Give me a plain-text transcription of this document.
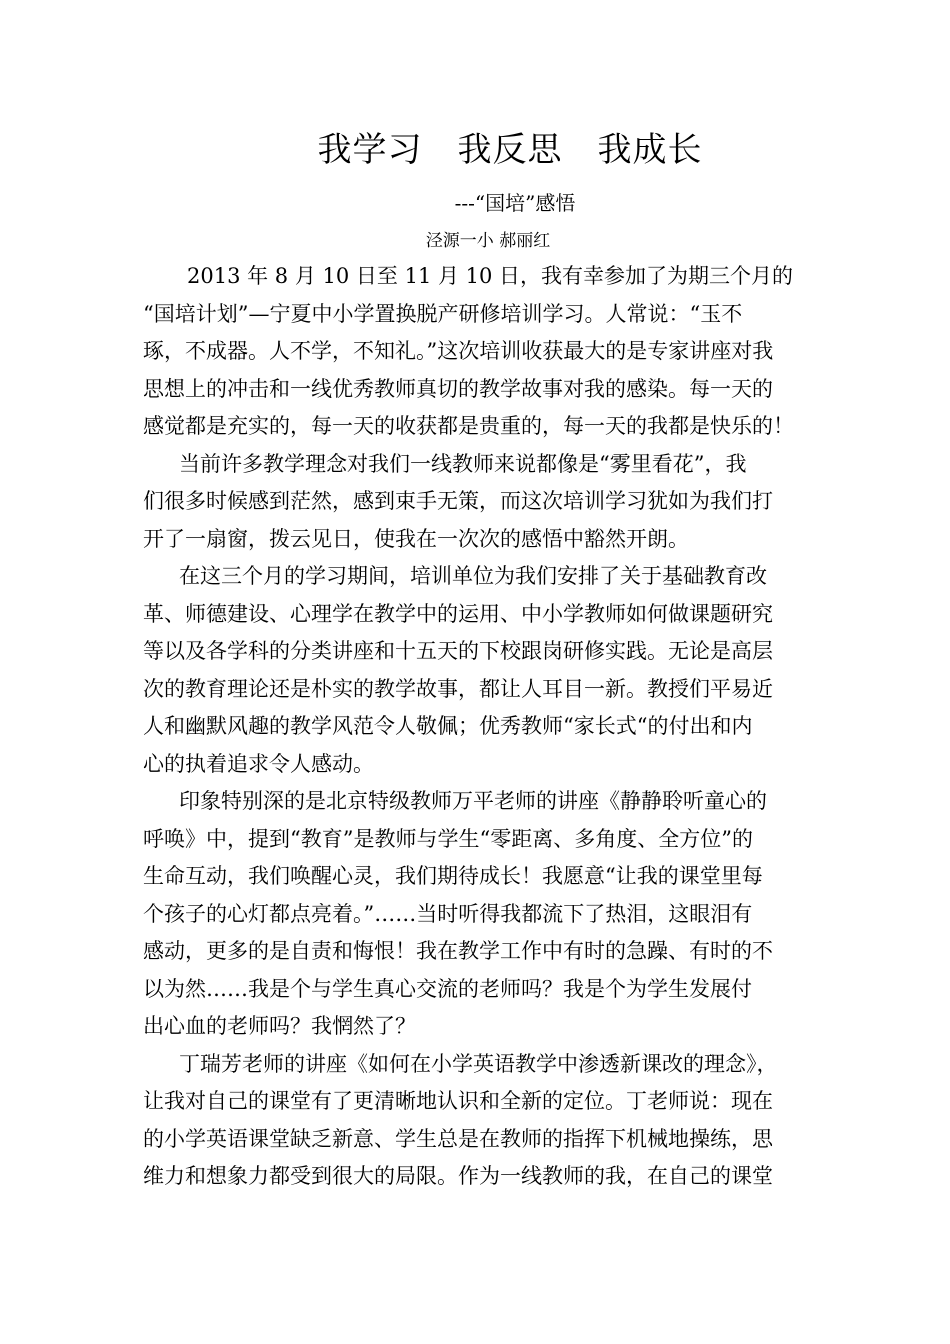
我学习　我反思　我成长
---“国培”感悟
泾源一小 郝丽红
2013 年 8 月 10 日至 11 月 10 日，我有幸参加了为期三个月的
“国培计划”—宁夏中小学置换脱产研修培训学习。人常说：“玉不
琢，不成器。人不学，不知礼。”这次培训收获最大的是专家讲座对我
思想上的冲击和一线优秀教师真切的教学故事对我的感染。每一天的
感觉都是充实的，每一天的收获都是贵重的，每一天的我都是快乐的！
当前许多教学理念对我们一线教师来说都像是“雾里看花”，我
们很多时候感到茫然，感到束手无策，而这次培训学习犹如为我们打
开了一扇窗，拨云见日，使我在一次次的感悟中豁然开朗。
在这三个月的学习期间，培训单位为我们安排了关于基础教育改
革、师德建设、心理学在教学中的运用、中小学教师如何做课题研究
等以及各学科的分类讲座和十五天的下校跟岗研修实践。无论是高层
次的教育理论还是朴实的教学故事，都让人耳目一新。教授们平易近
人和幽默风趣的教学风范令人敬佩；优秀教师“家长式“的付出和内
心的执着追求令人感动。
印象特别深的是北京特级教师万平老师的讲座《静静聆听童心的
呼唤》中，提到“教育”是教师与学生“零距离、多角度、全方位”的
生命互动，我们唤醒心灵，我们期待成长！我愿意“让我的课堂里每
个孩子的心灯都点亮着。”……当时听得我都流下了热泪，这眼泪有
感动，更多的是自责和悔恨！我在教学工作中有时的急躁、有时的不
以为然……我是个与学生真心交流的老师吗？我是个为学生发展付
出心血的老师吗？我惘然了？
丁瑞芳老师的讲座《如何在小学英语教学中渗透新课改的理念》，
让我对自己的课堂有了更清晰地认识和全新的定位。丁老师说：现在
的小学英语课堂缺乏新意、学生总是在教师的指挥下机械地操练，思
维力和想象力都受到很大的局限。作为一线教师的我，在自己的课堂
